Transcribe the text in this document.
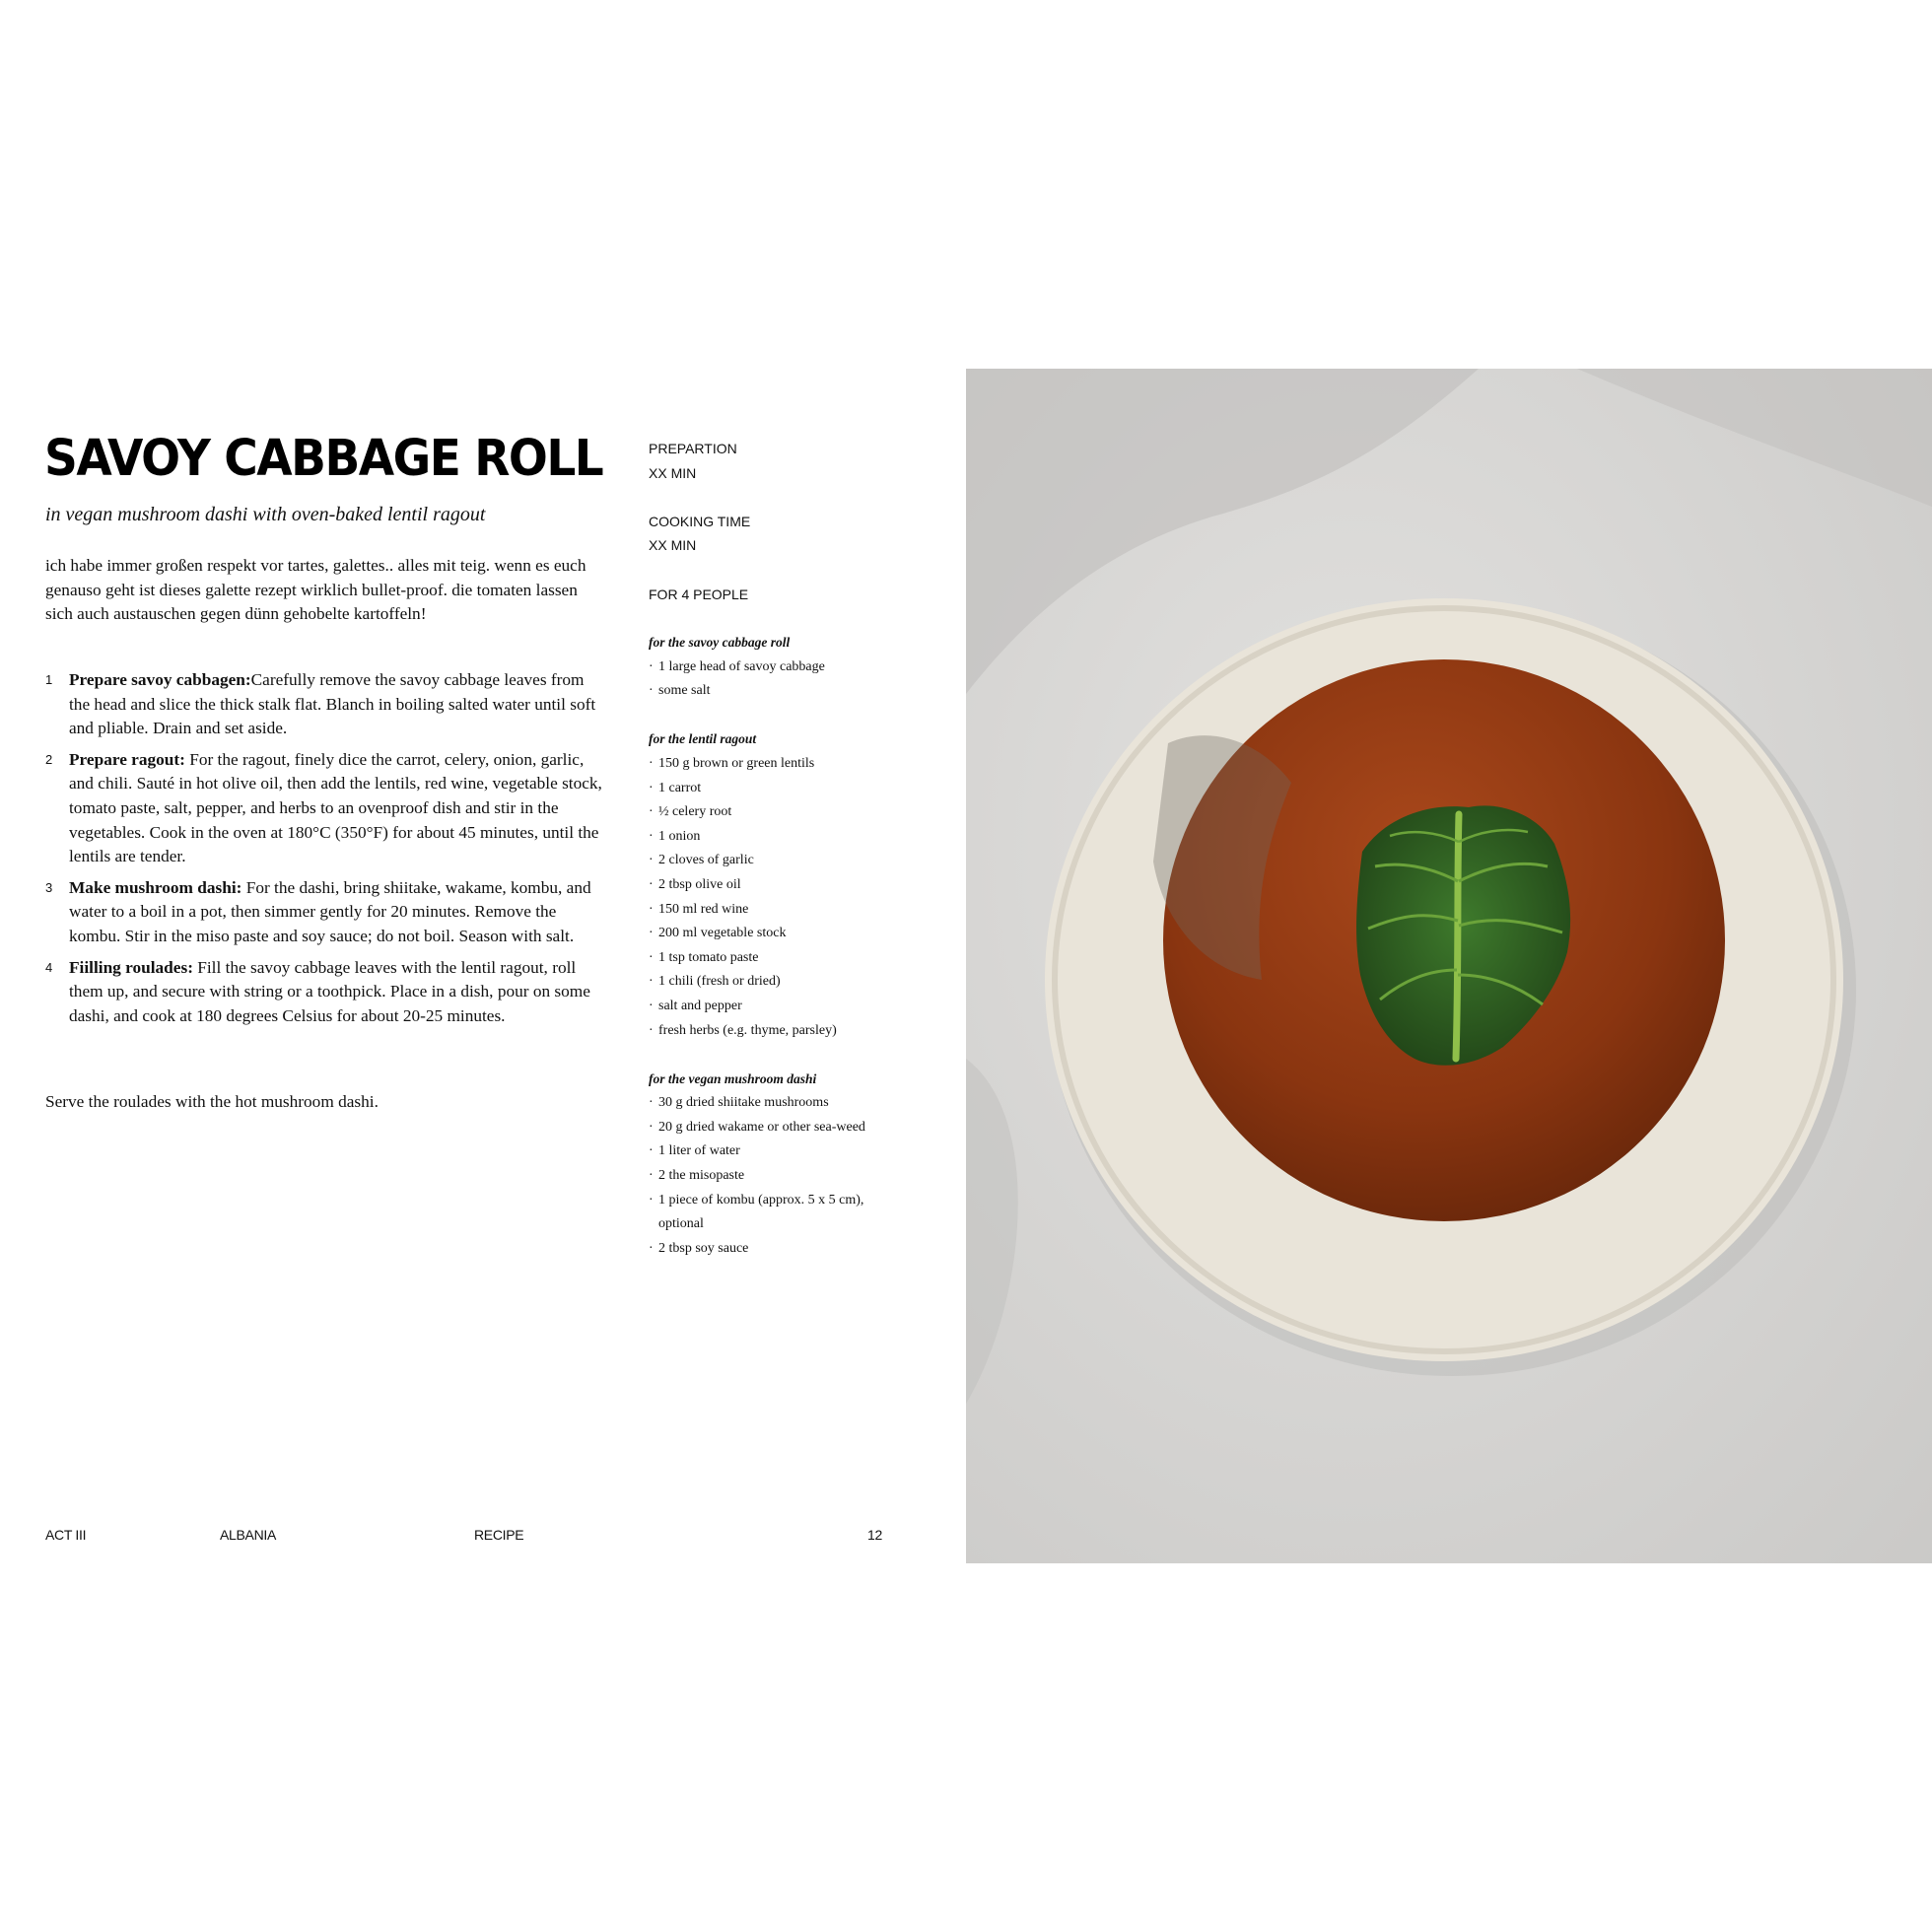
SAVOY CABBAGE ROLL

in vegan mushroom dashi with oven-baked lentil ragout

ich habe immer großen respekt vor tartes, galettes.. alles mit teig. wenn es euch genauso geht ist dieses galette rezept wirklich bullet-proof. die tomaten lassen sich auch austauschen gegen dünn gehobelte kartoffeln!

1 Prepare savoy cabbagen:Carefully remove the savoy cabbage leaves from the head and slice the thick stalk flat. Blanch in boiling salted water until soft and pliable. Drain and set aside.
2 Prepare ragout: For the ragout, finely dice the carrot, celery, onion, garlic, and chili. Sauté in hot olive oil, then add the lentils, red wine, vegetable stock, tomato paste, salt, pepper, and herbs to an ovenproof dish and stir in the vegetables. Cook in the oven at 180°C (350°F) for about 45 minutes, until the lentils are tender.
3 Make mushroom dashi: For the dashi, bring shiitake, wakame, kombu, and water to a boil in a pot, then simmer gently for 20 minutes. Remove the kombu. Stir in the miso paste and soy sauce; do not boil. Season with salt.
4 Fiilling roulades: Fill the savoy cabbage leaves with the lentil ragout, roll them up, and secure with string or a toothpick. Place in a dish, pour on some dashi, and cook at 180 degrees Celsius for about 20-25 minutes.

Serve the roulades with the hot mushroom dashi.

PREPARTION

XX MIN

COOKING TIME

XX MIN

FOR 4 PEOPLE

for the savoy cabbage roll

· 1 large head of savoy cabbage
· some salt

for the lentil ragout

· 150 g brown or green lentils
· 1 carrot
· ½ celery root
· 1 onion
· 2 cloves of garlic
· 2 tbsp olive oil
· 150 ml red wine
· 200 ml vegetable stock
· 1 tsp tomato paste
· 1 chili (fresh or dried)
· salt and pepper
· fresh herbs (e.g. thyme, parsley)

for the vegan mushroom dashi

· 30 g dried shiitake mushrooms
· 20 g dried wakame or other sea-weed
· 1 liter of water
· 2 the misopaste
· 1 piece of kombu (approx. 5 x 5 cm), optional
· 2 tbsp soy sauce
ACT III	ALBANIA	RECIPE	12
